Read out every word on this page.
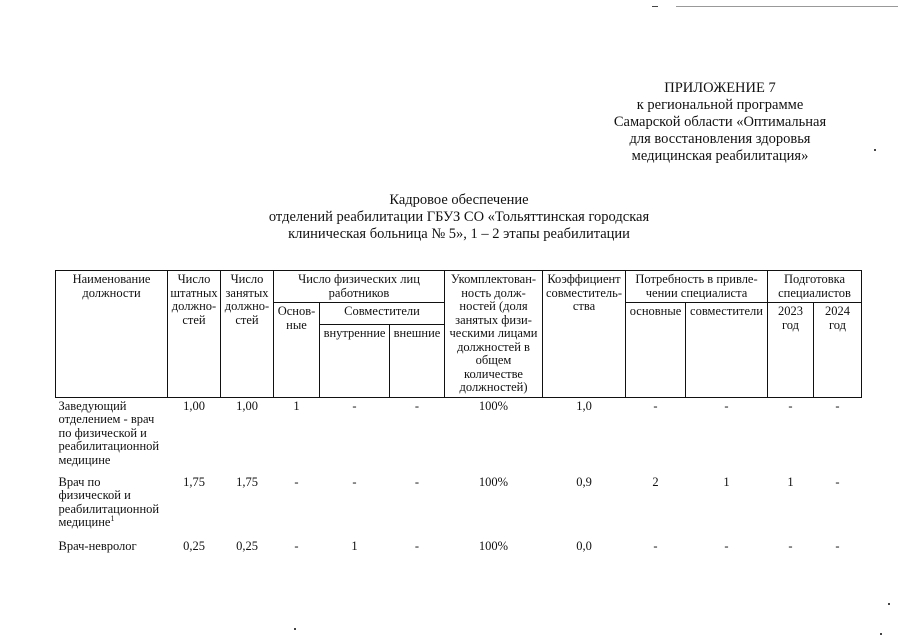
ПРИЛОЖЕНИЕ 7
к региональной программе
Самарской области «Оптимальная
для восстановления здоровья
медицинская реабилитация»
Кадровое обеспечение
отделений реабилитации ГБУЗ СО «Тольяттинская городская
клиническая больница № 5», 1 – 2 этапы реабилитации
Наименование должности	Число штатных должно-стей	Число занятых должно-стей	Число физических лиц работников			Укомплектован-ность долж-ностей (доля занятых физи-ческими лицами должностей в общем количестве должностей)	Коэффициент совместитель-ства	Потребность в привле-чении специалиста		Подготовка специалистов	
			Основ-ные	Совместители				основные	совместители	2023 год	2024 год
				внутренние	внешние						
Заведующий отделением - врач по физической и реабилитационной медицине	1,00	1,00	1	-	-	100%	1,0	-	-	-	-
Врач по физической и реабилитационной медицине$^1$	1,75	1,75	-	-	-	100%	0,9	2	1	1	-
Врач-невролог	0,25	0,25	-	1	-	100%	0,0	-	-	-	-
